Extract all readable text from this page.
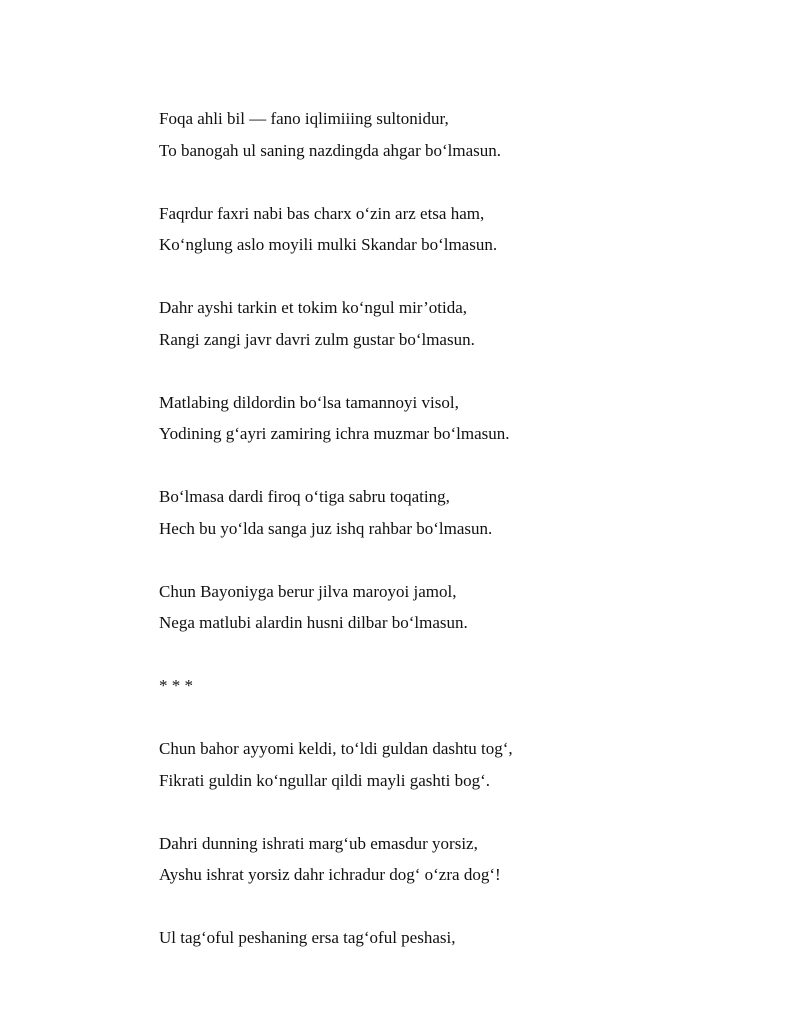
Foqa ahli bil — fano iqlimiiing sultonidur,
To banogah ul saning nazdingda ahgar bo‘lmasun.
Faqrdur faxri nabi bas charx o‘zin arz etsa ham,
Ko‘nglung aslo moyili mulki Skandar bo‘lmasun.
Dahr ayshi tarkin et tokim ko‘ngul mir’otida,
Rangi zangi javr davri zulm gustar bo‘lmasun.
Matlabing dildordin bo‘lsa tamannoyi visol,
Yodining g‘ayri zamiring ichra muzmar bo‘lmasun.
Bo‘lmasa dardi firoq o‘tiga sabru toqating,
Hech bu yo‘lda sanga juz ishq rahbar bo‘lmasun.
Chun Bayoniyga berur jilva maroyoi jamol,
Nega matlubi alardin husni dilbar bo‘lmasun.
* * *
Chun bahor ayyomi keldi, to‘ldi guldan dashtu tog‘,
Fikrati guldin ko‘ngullar qildi mayli gashti bog‘.
Dahri dunning ishrati marg‘ub emasdur yorsiz,
Ayshu ishrat yorsiz dahr ichradur dog‘ o‘zra dog‘!
Ul tag‘oful peshaning ersa tag‘oful peshasi,
